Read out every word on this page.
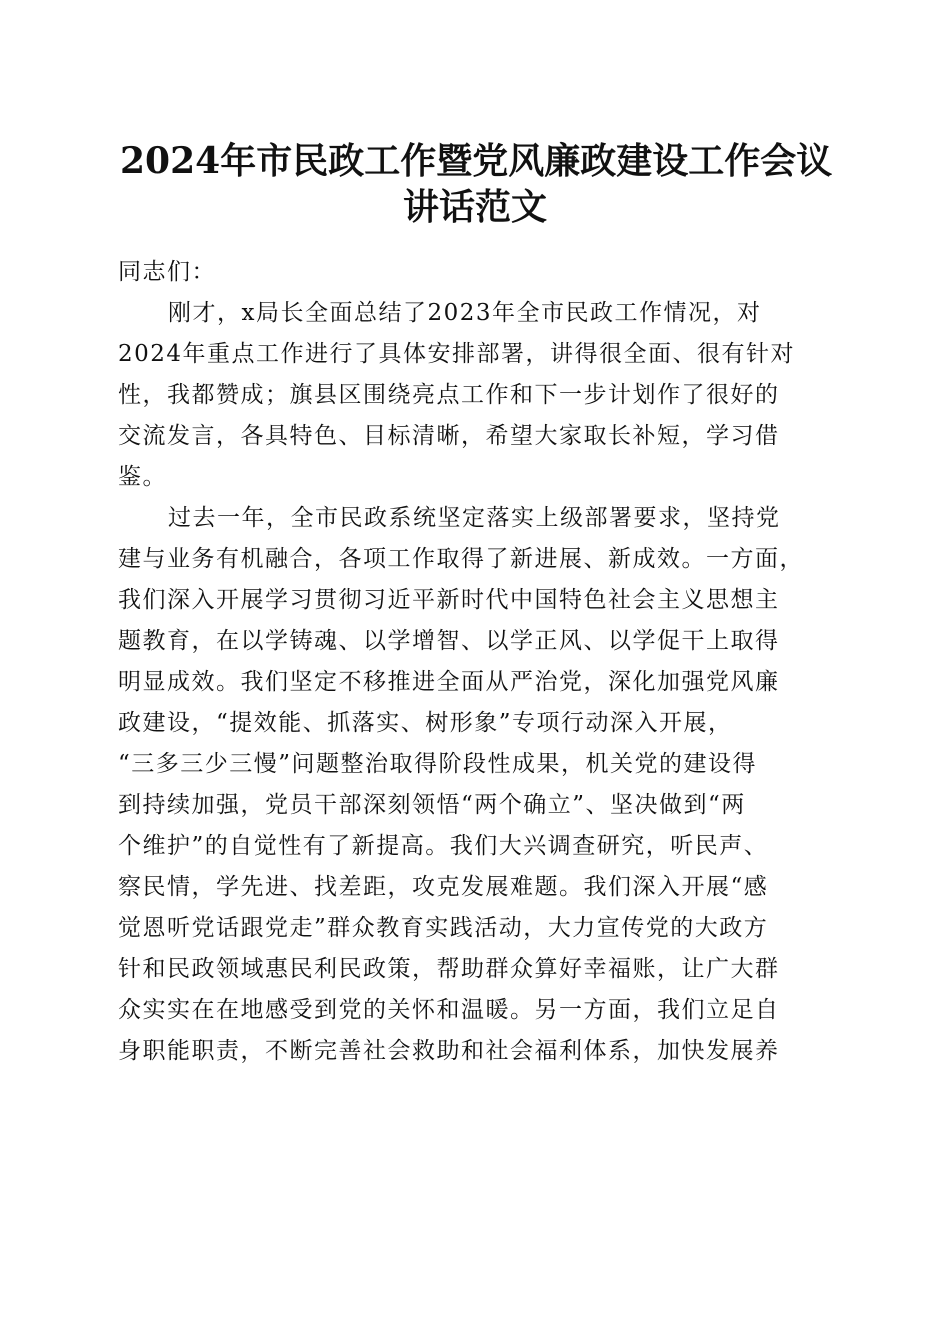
2024年市民政工作暨党风廉政建设工作会议
讲话范文
同志们：
刚才，x局长全面总结了2023年全市民政工作情况，对
2024年重点工作进行了具体安排部署，讲得很全面、很有针对
性，我都赞成；旗县区围绕亮点工作和下一步计划作了很好的
交流发言，各具特色、目标清晰，希望大家取长补短，学习借
鉴。
过去一年，全市民政系统坚定落实上级部署要求，坚持党
建与业务有机融合，各项工作取得了新进展、新成效。一方面，
我们深入开展学习贯彻习近平新时代中国特色社会主义思想主
题教育，在以学铸魂、以学增智、以学正风、以学促干上取得
明显成效。我们坚定不移推进全面从严治党，深化加强党风廉
政建设，“提效能、抓落实、树形象”专项行动深入开展，
“三多三少三慢”问题整治取得阶段性成果，机关党的建设得
到持续加强，党员干部深刻领悟“两个确立”、坚决做到“两
个维护”的自觉性有了新提高。我们大兴调查研究，听民声、
察民情，学先进、找差距，攻克发展难题。我们深入开展“感
觉恩听党话跟党走”群众教育实践活动，大力宣传党的大政方
针和民政领域惠民利民政策，帮助群众算好幸福账，让广大群
众实实在在地感受到党的关怀和温暖。另一方面，我们立足自
身职能职责，不断完善社会救助和社会福利体系，加快发展养
